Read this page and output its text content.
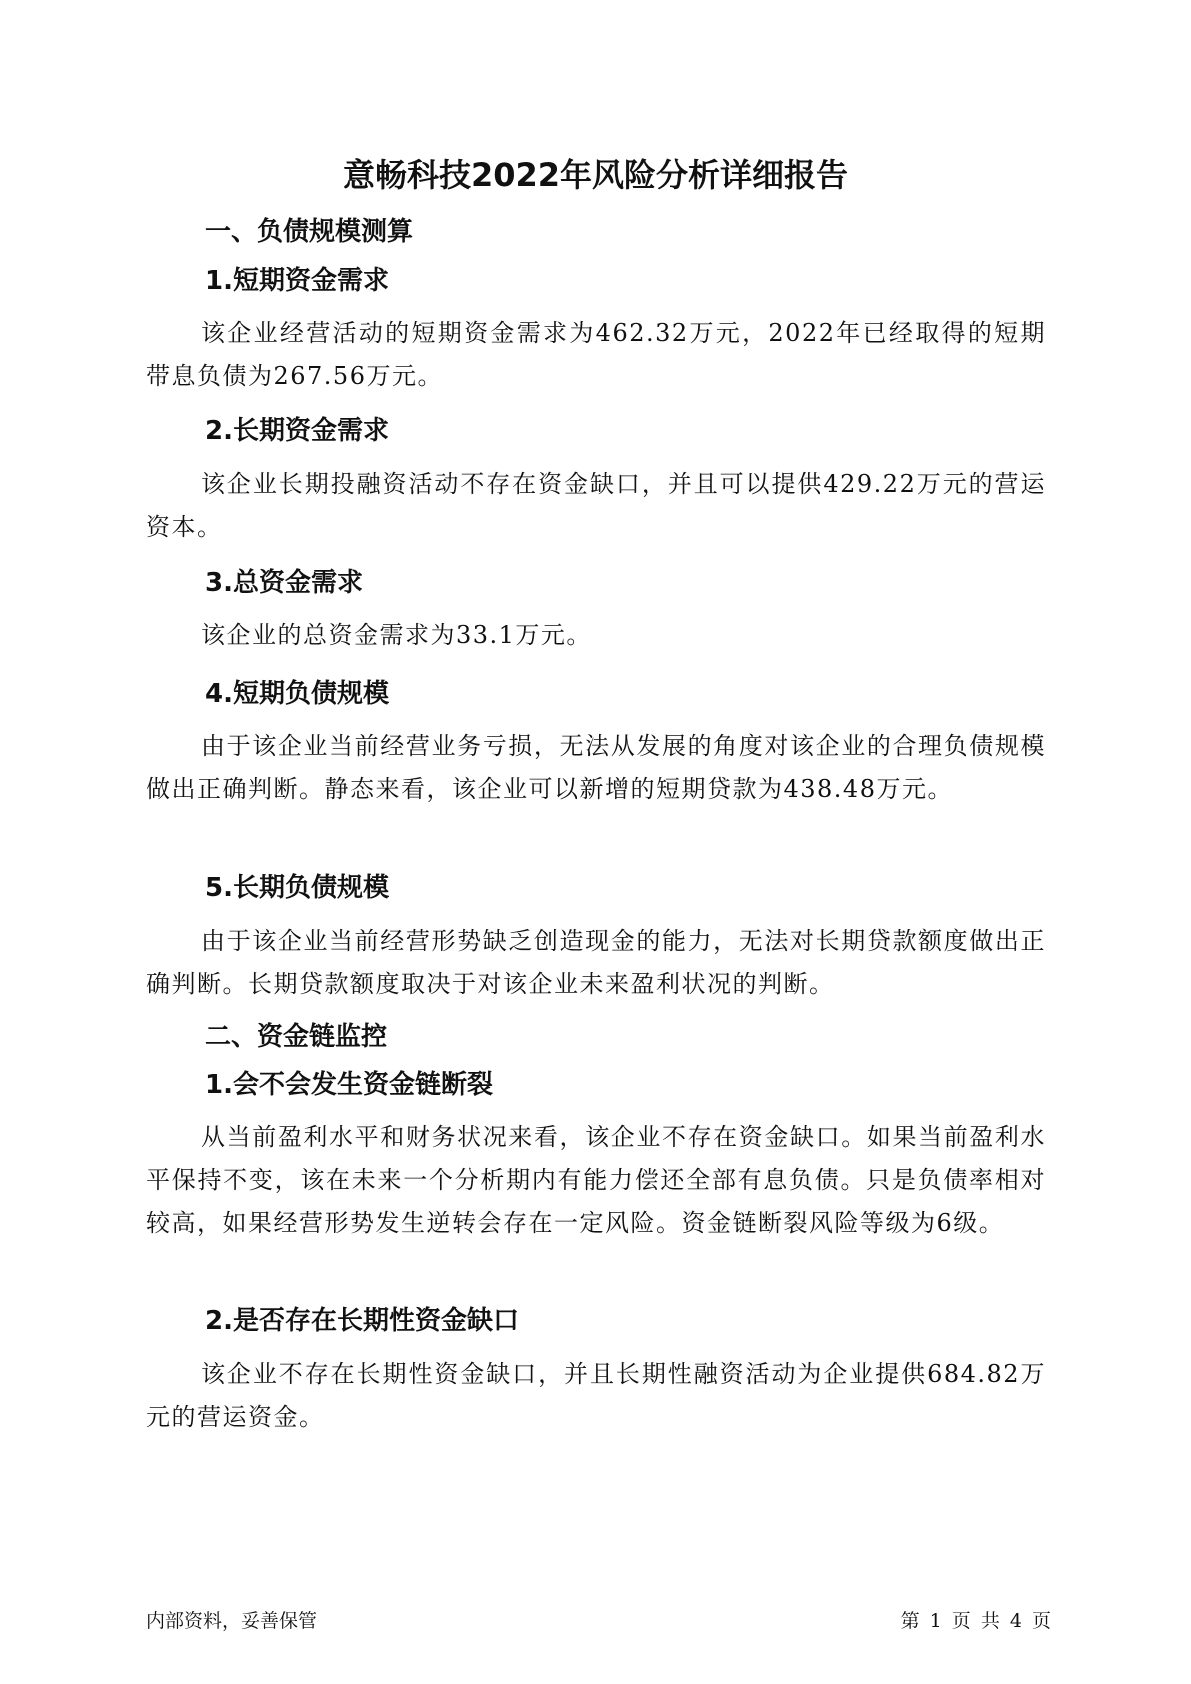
意畅科技2022年风险分析详细报告
一、负债规模测算
1.短期资金需求

该企业经营活动的短期资金需求为462.32万元，2022年已经取得的短期带息负债为267.56万元。

2.长期资金需求

该企业长期投融资活动不存在资金缺口，并且可以提供429.22万元的营运资本。

3.总资金需求

该企业的总资金需求为33.1万元。

4.短期负债规模

由于该企业当前经营业务亏损，无法从发展的角度对该企业的合理负债规模做出正确判断。静态来看，该企业可以新增的短期贷款为438.48万元。

5.长期负债规模

由于该企业当前经营形势缺乏创造现金的能力，无法对长期贷款额度做出正确判断。长期贷款额度取决于对该企业未来盈利状况的判断。

二、资金链监控
1.会不会发生资金链断裂

从当前盈利水平和财务状况来看，该企业不存在资金缺口。如果当前盈利水平保持不变，该在未来一个分析期内有能力偿还全部有息负债。只是负债率相对较高，如果经营形势发生逆转会存在一定风险。资金链断裂风险等级为6级。

2.是否存在长期性资金缺口

该企业不存在长期性资金缺口，并且长期性融资活动为企业提供684.82万元的营运资金。

内部资料，妥善保管	第 1 页 共 4 页
